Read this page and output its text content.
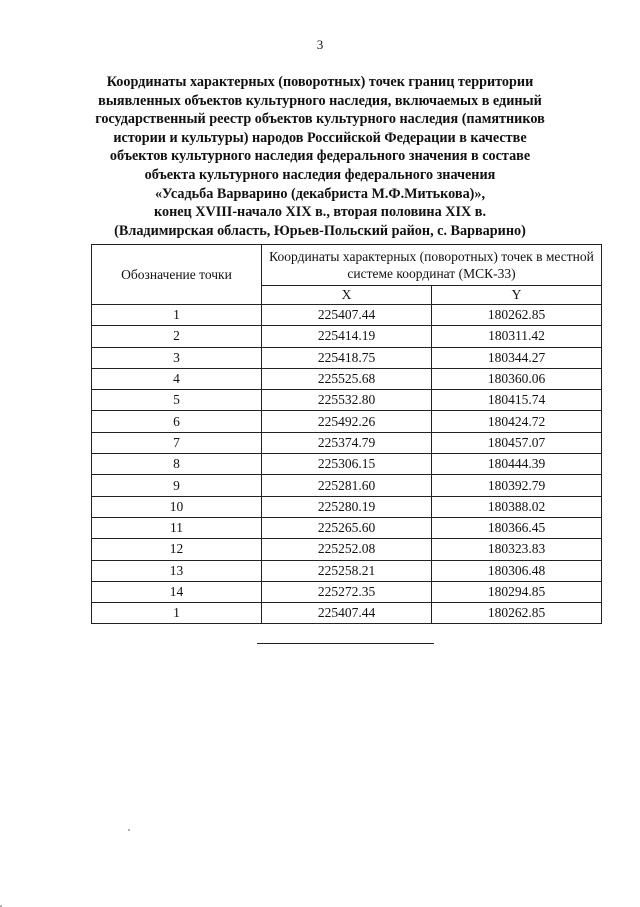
3
Координаты характерных (поворотных) точек границ территории
выявленных объектов культурного наследия, включаемых в единый
государственный реестр объектов культурного наследия (памятников
истории и культуры) народов Российской Федерации в качестве
объектов культурного наследия федерального значения в составе
объекта культурного наследия федерального значения
«Усадьба Варварино (декабриста М.Ф.Митькова)»,
конец XVIII-начало XIX в., вторая половина XIX в.
(Владимирская область, Юрьев-Польский район, с. Варварино)
Обозначение точки	Координаты характерных (поворотных) точек в местной системе координат (МСК-33)	
	X	Y
1	225407.44	180262.85
2	225414.19	180311.42
3	225418.75	180344.27
4	225525.68	180360.06
5	225532.80	180415.74
6	225492.26	180424.72
7	225374.79	180457.07
8	225306.15	180444.39
9	225281.60	180392.79
10	225280.19	180388.02
11	225265.60	180366.45
12	225252.08	180323.83
13	225258.21	180306.48
14	225272.35	180294.85
1	225407.44	180262.85
